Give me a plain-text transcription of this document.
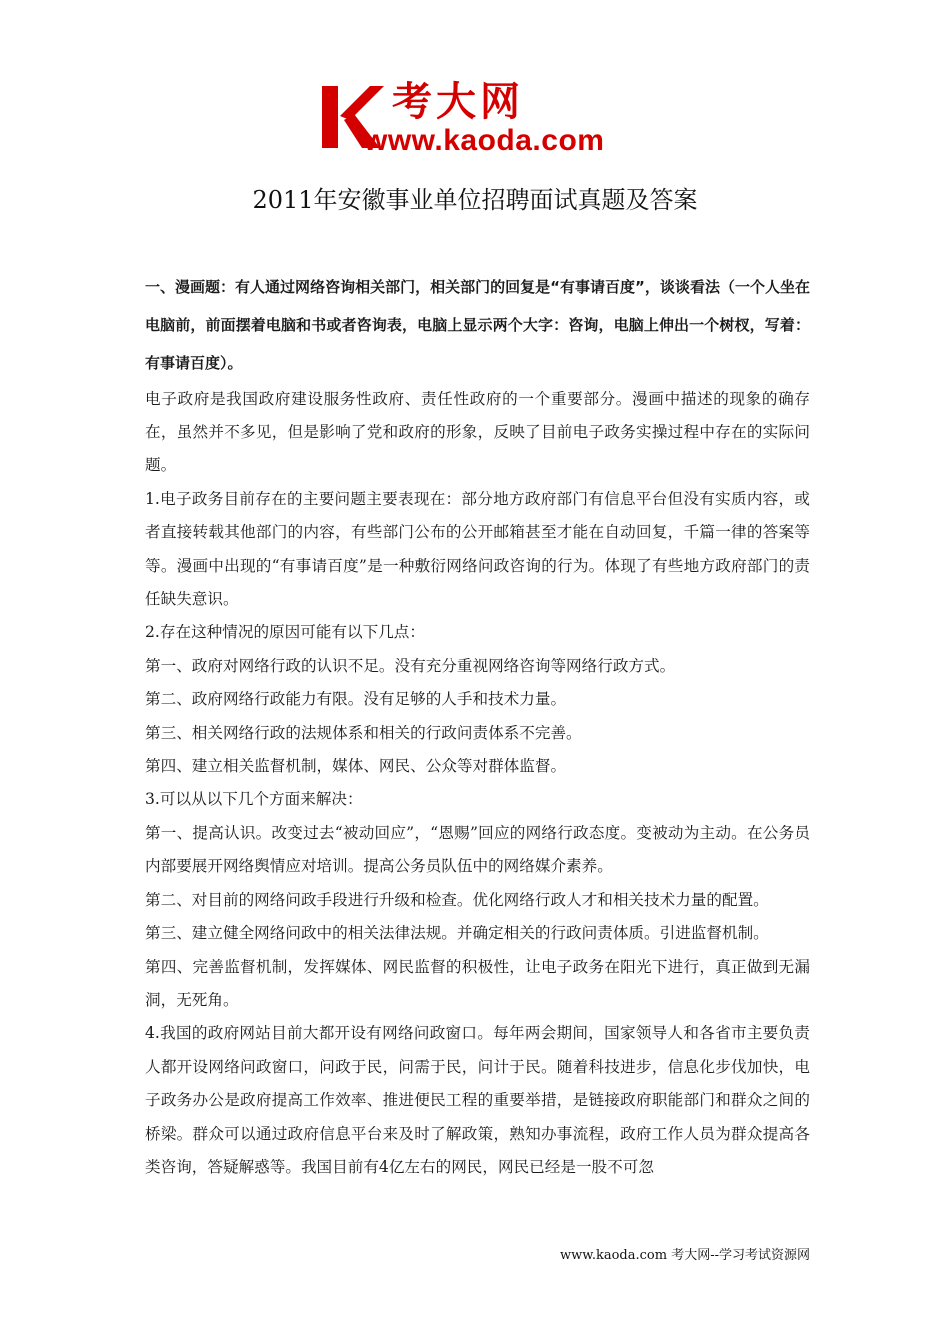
考大网
www.kaoda.com
2011年安徽事业单位招聘面试真题及答案

一、漫画题：有人通过网络咨询相关部门，相关部门的回复是“有事请百度”，谈谈看法（一个人坐在电脑前，前面摆着电脑和书或者咨询表，电脑上显示两个大字：咨询，电脑上伸出一个树杈，写着：有事请百度）。

电子政府是我国政府建设服务性政府、责任性政府的一个重要部分。漫画中描述的现象的确存在，虽然并不多见，但是影响了党和政府的形象，反映了目前电子政务实操过程中存在的实际问题。

1.电子政务目前存在的主要问题主要表现在：部分地方政府部门有信息平台但没有实质内容，或者直接转载其他部门的内容，有些部门公布的公开邮箱甚至才能在自动回复，千篇一律的答案等等。漫画中出现的“有事请百度”是一种敷衍网络问政咨询的行为。体现了有些地方政府部门的责任缺失意识。

2.存在这种情况的原因可能有以下几点：

第一、政府对网络行政的认识不足。没有充分重视网络咨询等网络行政方式。

第二、政府网络行政能力有限。没有足够的人手和技术力量。

第三、相关网络行政的法规体系和相关的行政问责体系不完善。

第四、建立相关监督机制，媒体、网民、公众等对群体监督。

3.可以从以下几个方面来解决：

第一、提高认识。改变过去“被动回应”，“恩赐”回应的网络行政态度。变被动为主动。在公务员内部要展开网络舆情应对培训。提高公务员队伍中的网络媒介素养。

第二、对目前的网络问政手段进行升级和检查。优化网络行政人才和相关技术力量的配置。

第三、建立健全网络问政中的相关法律法规。并确定相关的行政问责体质。引进监督机制。

第四、完善监督机制，发挥媒体、网民监督的积极性，让电子政务在阳光下进行，真正做到无漏洞，无死角。

4.我国的政府网站目前大都开设有网络问政窗口。每年两会期间，国家领导人和各省市主要负责人都开设网络问政窗口，问政于民，问需于民，问计于民。随着科技进步，信息化步伐加快，电子政务办公是政府提高工作效率、推进便民工程的重要举措，是链接政府职能部门和群众之间的桥梁。群众可以通过政府信息平台来及时了解政策，熟知办事流程，政府工作人员为群众提高各类咨询，答疑解惑等。我国目前有4亿左右的网民，网民已经是一股不可忽

www.kaoda.com 考大网--学习考试资源网
